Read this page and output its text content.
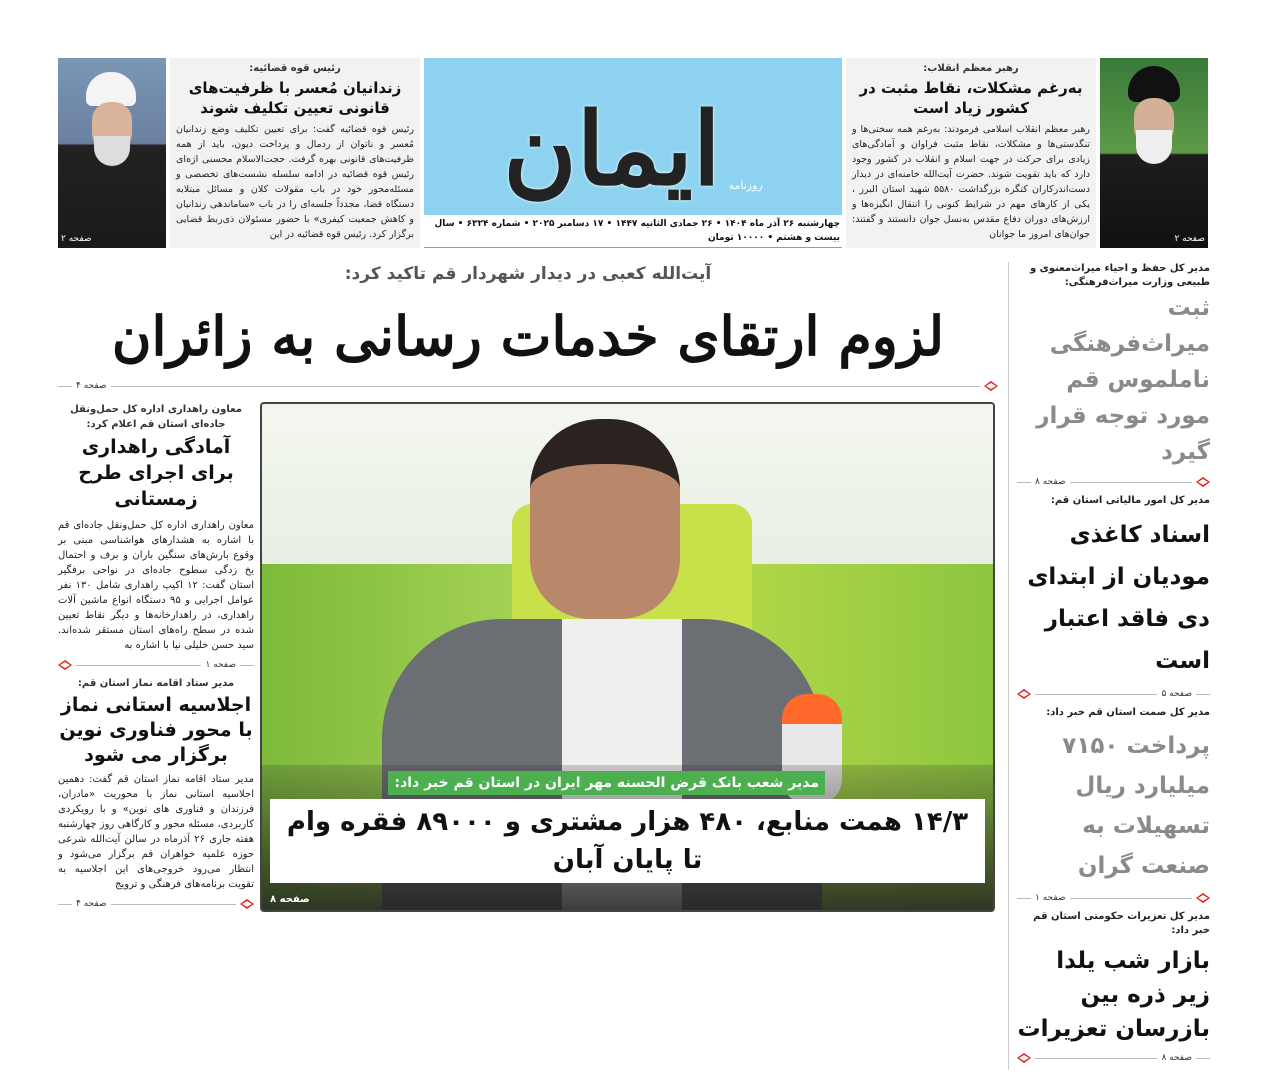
صفحه ۲
رئیس قوه قضائیه:
زندانیان مُعسر با ظرفیت‌های قانونی تعیین تکلیف شوند
رئیس قوه قضائیه گفت: برای تعیین تکلیف وضع زندانیان مُعسر و ناتوان از ردمال و پرداخت دیون، باید از همه ظرفیت‌های قانونی بهره گرفت. حجت‌الاسلام محسنی اژه‌ای رئیس قوه قضائیه در ادامه سلسله نشست‌های تخصصی و مسئله‌محور خود در باب مقولات کلان و مسائل مبتلابه دستگاه قضا، مجدداً جلسه‌ای را در باب «ساماندهی زندانیان و کاهش جمعیت کیفری» با حضور مسئولان ذی‌ربط قضایی برگزار کرد. رئیس قوه قضائیه در این
روزنامه
ایمان
چهارشنبه ۲۶ آذر ماه ۱۴۰۴ • ۲۶ جمادی الثانیه ۱۴۴۷ • ۱۷ دسامبر ۲۰۲۵ • شماره ۶۳۲۴ • سال بیست و هشتم • ۱۰۰۰۰ تومان
رهبر معظم انقلاب:
به‌رغم مشکلات، نقاط مثبت در کشور زیاد است
رهبر معظم انقلاب اسلامی فرمودند: به‌رغم همه سختی‌ها و تنگدستی‌ها و مشکلات، نقاط مثبت فراوان و آمادگی‌های زیادی برای حرکت در جهت اسلام و انقلاب در کشور وجود دارد که باید تقویت شوند. حضرت آیت‌الله خامنه‌ای در دیدار دست‌اندرکاران کنگره بزرگداشت ۵۵۸۰ شهید استان البرز ، یکی از کارهای مهم در شرایط کنونی را انتقال انگیزه‌ها و ارزش‌های دوران دفاع مقدس به‌نسل جوان دانستند و گفتند: جوان‌های امروز ما جوانان	صفحه ۲
آیت‌الله کعبی در دیدار شهردار قم تاکید کرد:
لزوم ارتقای خدمات رسانی به زائران
صفحه ۴
معاون راهداری اداره کل حمل‌ونقل جاده‌ای استان قم اعلام کرد:
آمادگی راهداری برای اجرای طرح زمستانی
معاون راهداری اداره کل حمل‌ونقل جاده‌ای قم با اشاره به هشدارهای هواشناسی مبنی بر وقوع بارش‌های سنگین باران و برف و احتمال یخ زدگی سطوح جاده‌ای در نواحی برفگیر استان گفت: ۱۲ اکیپ راهداری شامل ۱۳۰ نفر عوامل اجرایی و ۹۵ دستگاه انواع ماشین آلات راهداری، در راهدارخانه‌ها و دیگر نقاط تعیین شده در سطح راه‌های استان مستقر شده‌اند. سید حسن خلیلی نیا با اشاره به
صفحه ۱
مدیر ستاد اقامه نماز استان قم:
اجلاسیه استانی نماز با محور فناوری نوین برگزار می شود
مدیر ستاد اقامه نماز استان قم گفت: دهمین اجلاسیه استانی نماز با محوریت «مادران، فرزندان و فناوری های نوین» و با رویکردی کاربردی، مسئله محور و کارگاهی روز چهارشنبه هفته جاری ۲۶ آذرماه در سالن آیت‌الله شرعی حوزه علمیه خواهران قم برگزار می‌شود و انتظار می‌رود خروجی‌های این اجلاسیه به تقویت برنامه‌های فرهنگی و ترویج
صفحه ۴
مدیر شعب بانک قرض الحسنه مهر ایران در استان قم خبر داد:
۱۴/۳ همت منابع، ۴۸۰ هزار مشتری و ۸۹۰۰۰ فقره وام تا پایان آبان
صفحه ۸
مدیر کل حفظ و احیاء میراث‌معنوی و طبیعی وزارت میراث‌فرهنگی:
ثبت میراث‌فرهنگی ناملموس قم مورد توجه قرار گیرد
صفحه ۸
مدیر کل امور مالیاتی استان قم:
اسناد کاغذی مودیان از ابتدای دی فاقد اعتبار است
صفحه ۵
مدیر کل صمت استان قم خبر داد:
پرداخت ۷۱۵۰ میلیارد ریال تسهیلات به صنعت گران
صفحه ۱
مدیر کل تعزیرات حکومتی استان قم خبر داد:
بازار شب یلدا زیر ذره بین بازرسان تعزیرات
صفحه ۸
